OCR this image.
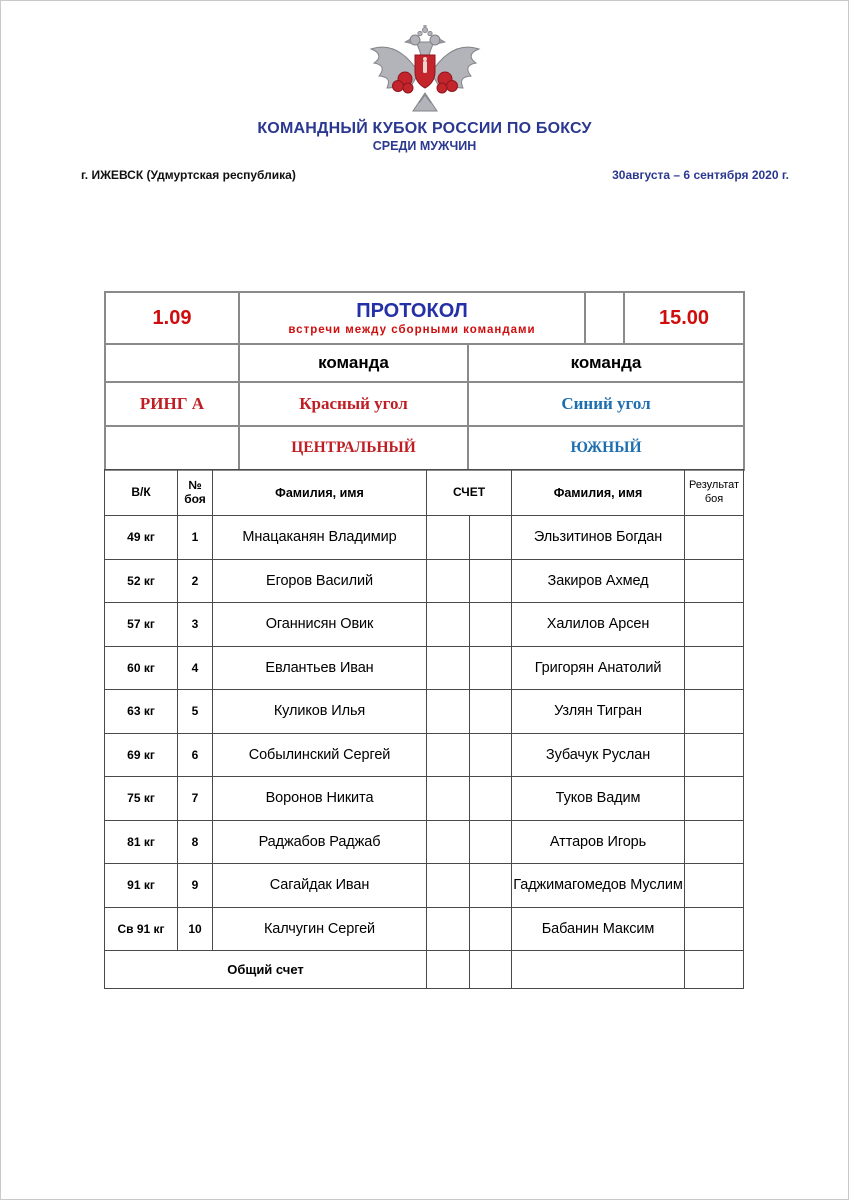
КОМАНДНЫЙ КУБОК РОССИИ ПО БОКСУ
СРЕДИ МУЖЧИН
г. ИЖЕВСК (Удмуртская республика)	30августа – 6 сентября 2020 г.
1.09	ПРОТОКОЛ
встречи между сборными командами			15.00
	команда	команда		
РИНГ А	Красный угол	Синий угол		
	ЦЕНТРАЛЬНЫЙ	ЮЖНЫЙ		
В/К	№ боя	Фамилия, имя	СЧЕТ		Фамилия, имя	Результат боя
49 кг	1	Мнацаканян Владимир			Эльзитинов Богдан	
52 кг	2	Егоров Василий			Закиров Ахмед	
57 кг	3	Оганнисян Овик			Халилов Арсен	
60 кг	4	Евлантьев Иван			Григорян Анатолий	
63 кг	5	Куликов Илья			Узлян Тигран	
69 кг	6	Собылинский Сергей			Зубачук Руслан	
75 кг	7	Воронов Никита			Туков Вадим	
81 кг	8	Раджабов Раджаб			Аттаров Игорь	
91 кг	9	Сагайдак Иван			Гаджимагомедов Муслим	
Св 91 кг	10	Калчугин Сергей			Бабанин Максим	
Общий счет						
